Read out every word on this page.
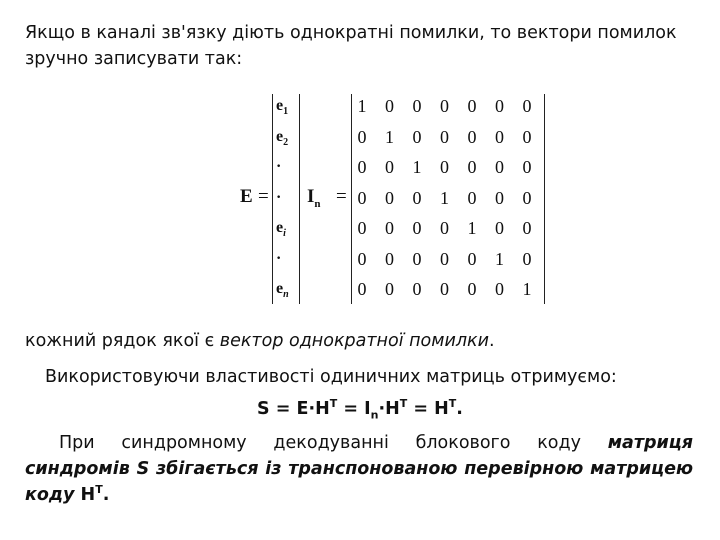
Якщо в каналі зв'язку діють однократні помилки, то вектори помилок зручно записувати так:
E =
$e_1$
$e_2$
·
·
$e_i$
·
$e_n$
$I_n$ =
1	0	0	0	0	0	0
0	1	0	0	0	0	0
0	0	1	0	0	0	0
0	0	0	1	0	0	0
0	0	0	0	1	0	0
0	0	0	0	0	1	0
0	0	0	0	0	0	1
кожний рядок якої є вектор однократної помилки.
Використовуючи властивості одиничних матриць отримуємо:
$S = E\cdot H^T = I_n\cdot H^T = H^T$.
При синдромному декодуванні блокового коду матриця синдромів S збігається із транспонованою перевірною матрицею коду $H^T$.
